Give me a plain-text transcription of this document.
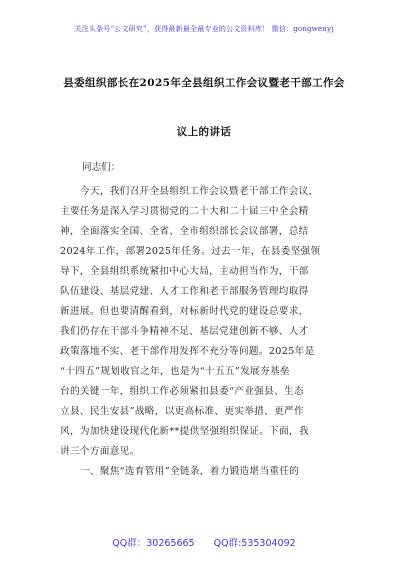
关注头条号“公文研究”，获得最新最全最专业的公文资料库！ 微信：gongwenyj
县委组织部长在2025年全县组织工作会议暨老干部工作会
议上的讲话
同志们：
　　今天，我们召开全县组织工作会议暨老干部工作会议，
主要任务是深入学习贯彻党的二十大和二十届三中全会精
神，全面落实全国、全省、全市组织部长会议部署，总结
2024年工作，部署2025年任务。过去一年，在县委坚强领
导下，全县组织系统紧扣中心大局，主动担当作为，干部
队伍建设、基层党建、人才工作和老干部服务管理均取得
新进展。但也要清醒看到，对标新时代党的建设总要求，
我们仍存在干部斗争精神不足、基层党建创新不够、人才
政策落地不实、老干部作用发挥不充分等问题。2025年是
“十四五”规划收官之年，也是为“十五五”发展夯基垒
台的关键一年，组织工作必须紧扣县委“产业强县、生态
立县、民生安县”战略，以更高标准、更实举措、更严作
风，为加快建设现代化新**提供坚强组织保证。下面，我
讲三个方面意见。
　　一、聚焦“选育管用”全链条，着力锻造堪当重任的
QQ群：30265665 QQ群:535304092
